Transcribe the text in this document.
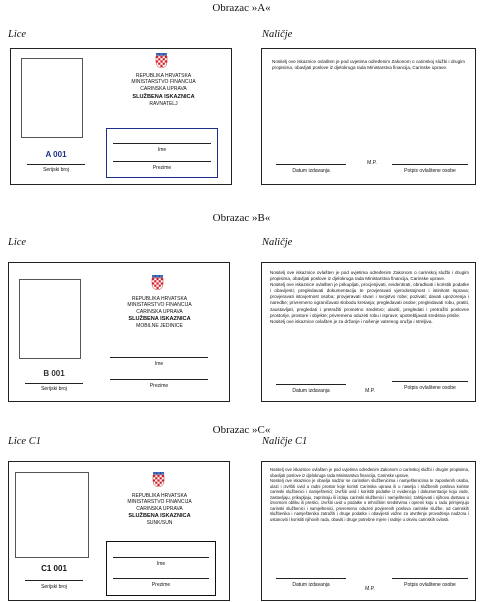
Obrazac »A«
Lice	Naličje
REPUBLIKA HRVATSKA
MINISTARSTVO FINANCIJA
CARINSKA UPRAVA
SLUŽBENA ISKAZNICA
RAVNATELJ
A 001
Serijski broj
Ime
Prezime

Nositelj ove iskaznice ovlašten je pod uvjetima određenim Zakonom o carinskoj službi i drugim propisima, obavljati poslove iz djelokruga rada Ministarstva financija, Carinske uprave.

Datum izdavanja
M.P.
Potpis ovlaštene osobe
Obrazac »B«
Lice	Naličje
REPUBLIKA HRVATSKA
MINISTARSTVO FINANCIJA
CARINSKA UPRAVA
SLUŽBENA ISKAZNICA
MOBILNE JEDINICE
B 001
Serijski broj
Ime
Prezime

Nositelj ove iskaznice ovlašten je pod uvjetima određenim Zakonom o carinskoj službi i drugim propisima, obavljati poslove iz djelokruga rada Ministarstva financija, Carinske uprave.

Nositelj ove iskaznice ovlašten je prikupljati, procjenjivati, evidentirati, obrađivati i koristiti podatke i obavijesti; pregledavati dokumentaciju te provjeravati vjerodostojnost i istinitost isprava; provjeravati istovjetnost osoba; provjeravati stvari i svojstvo robe; pozivati; davati upozorenja i naredbe; privremeno ograničavati slobodu kretanja; pregledavati osobe; pregledavati robu, pratiti, zaustavljati, pregledati i pretražiti prometno sredstvo; ulaziti, pregledati i pretražiti poslovne prostorije, prostore i objekte; privremeno oduzeti robu i isprave; upotrebljavati sredstva prisile.

Nositelj ove iskaznice ovlašten je za držanje i nošenje vatrenog oružja i streljiva.

Datum izdavanja	M.P.	Potpis ovlaštene osobe
Obrazac »C«
Lice C1	Naličje C1
REPUBLIKA HRVATSKA
MINISTARSTVO FINANCIJA
CARINSKA UPRAVA
SLUŽBENA ISKAZNICA
SUNK/SUN
C1 001
Serijski broj
Ime
Prezime

Nositelj ove iskaznice ovlašten je pod uvjetima određenim Zakonom o carinskoj službi i drugim propisima, obavljati poslove iz djelokruga rada Ministarstva financija, Carinske uprave.

Nositelj ove iskaznice je obavlja nadzor se carinskim službenicima i namještenicima te zaposlenih osoba, ulazi i izvršiti uvid u radni prostor koje koristi Carinska uprava ili u naselja i službenih poslova koriste carinski službenici i namještenici; izvršiti uvid i koristiti podatke iz evidencija i dokumentacije koju vode, zastavljaju, prikupljaju, zaprimaju ili izdaju carinski službenici i namještenici; zahtijevati i njihovu dostavu u izvornom obliku ili preslici, izvršiti uvid u podatke o tehničkim sredstvima i opremi koju u radu primjenjuju carinski službenici i namještenici, privremeno oduzeti povjerenih poslova carinske službe, od carinskih službenika i namještenika zatražiti i druge podatke i obavijesti važne za utvrđenje provođenja nadzora i ustanoviti i koristiti njihovih rada, obaviti i druge potrebne mjere i radnje u okviru carinskih ovlasti.

Datum izdavanja
M.P.
Potpis ovlaštene osobe
